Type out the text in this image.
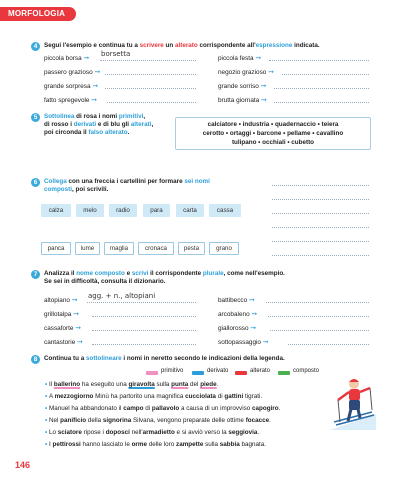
MORFOLOGIA
4	Segui l'esempio e continua tu a scrivere un alterato corrispondente all'espressione indicata.
piccola borsa ➞
borsetta
passero grazioso ➞
grande sorpresa ➞
fatto spregevole ➞
piccola festa ➞
negozio grazioso ➞
grande sorriso ➞
brutta giornata ➞
5	Sottolinea di rosa i nomi primitivi,
di rosso i derivati e di blu gli alterati,
poi circonda il falso alterato.
calciatore • industria • quadernaccio • teiera
cerotto • ortaggi • barcone • pellame • cavallino
tulipano • occhiali • cubetto
6	Collega con una freccia i cartellini per formare sei nomi
composti, poi scrivili.
calza	melo	radio	para	carta	cassa
panca	lume	maglia	cronaca	pesta	grano
7	Analizza il nome composto e scrivi il corrispondente plurale, come nell'esempio.
Se sei in difficoltà, consulta il dizionario.
altopiano ➞
agg. + n., altopiani
grillotalpa ➞
cassaforte ➞
cantastorie ➞
battibecco ➞
arcobaleno ➞
giallorosso ➞
sottopassaggio ➞
8	Continua tu a sottolineare i nomi in neretto secondo le indicazioni della legenda.
primitivo	derivato	alterato	composto
• Il ballerino ha eseguito una giravolta sulla punta del piede.
• A mezzogiorno Minù ha partorito una magnifica cucciolata di gattini tigrati.
• Manuel ha abbandonato il campo di pallavolo a causa di un improvviso capogiro.
• Nel panificio della signorina Silvana, vengono preparate delle ottime focacce.
• Lo sciatore ripose i doposci nell'armadietto e si avviò verso la seggiovia.
• I pettirossi hanno lasciato le orme delle loro zampette sulla sabbia bagnata.
146
